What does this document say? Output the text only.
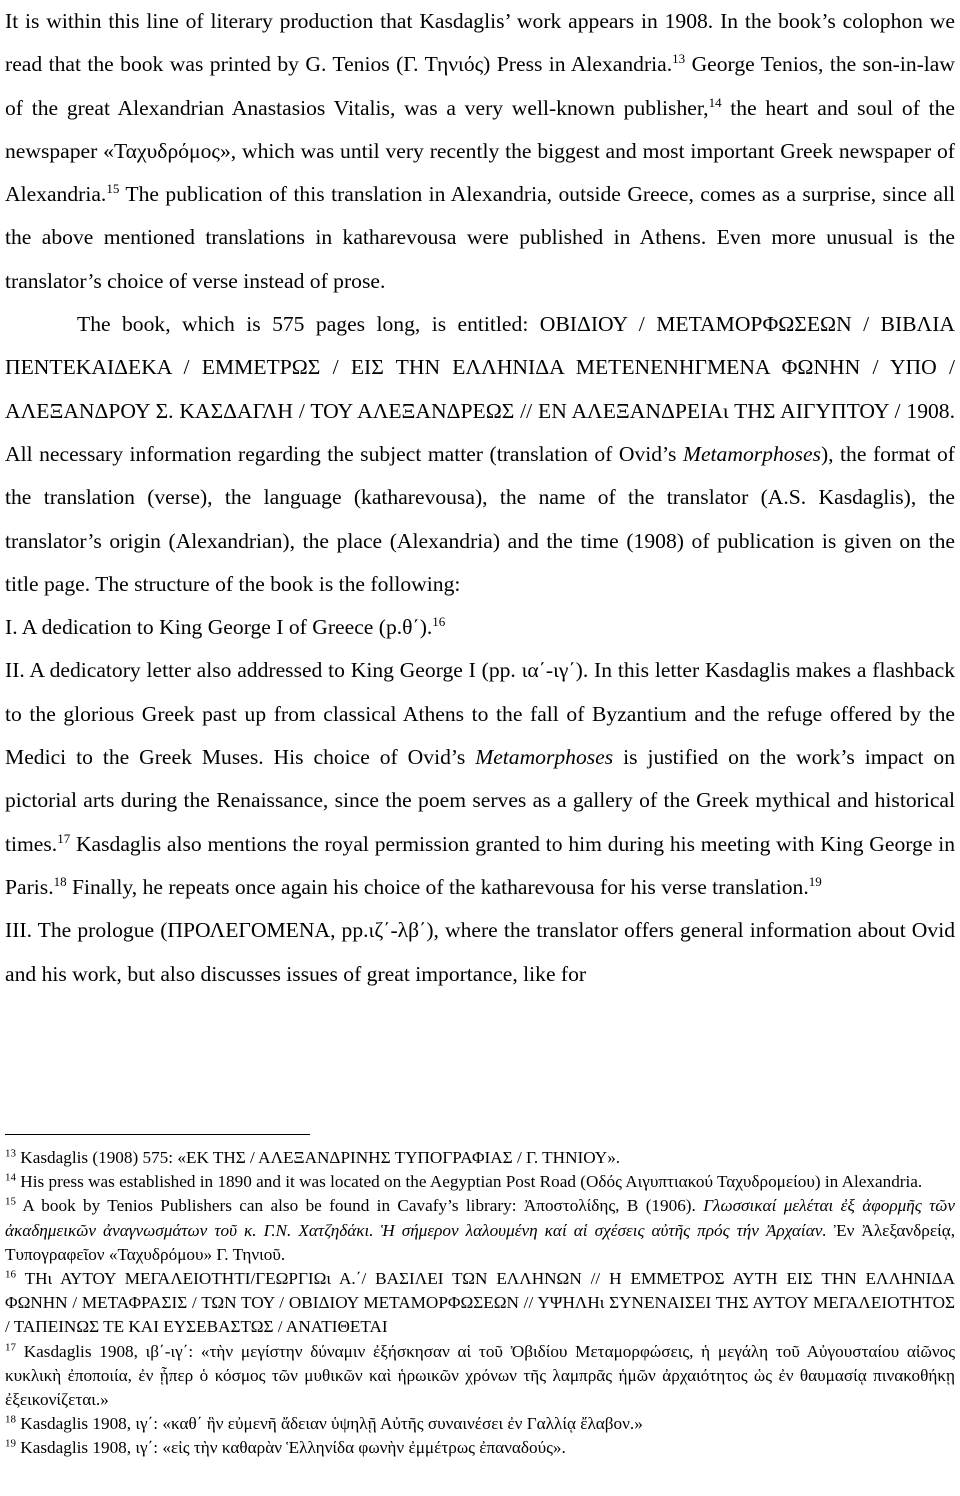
It is within this line of literary production that Kasdaglis’ work appears in 1908. In the book’s colophon we read that the book was printed by G. Tenios (Γ. Τηνιός) Press in Alexandria.$^{13}$ George Tenios, the son-in-law of the great Alexandrian Anastasios Vitalis, was a very well-known publisher,$^{14}$ the heart and soul of the newspaper «Ταχυδρόμος», which was until very recently the biggest and most important Greek newspaper of Alexandria.$^{15}$ The publication of this translation in Alexandria, outside Greece, comes as a surprise, since all the above mentioned translations in katharevousa were published in Athens. Even more unusual is the translator’s choice of verse instead of prose.

The book, which is 575 pages long, is entitled: ΟΒΙΔΙΟΥ / ΜΕΤΑΜΟΡΦΩΣΕΩΝ / ΒΙΒΛΙΑ ΠΕΝΤΕΚΑΙΔΕΚΑ / ΕΜΜΕΤΡΩΣ / ΕΙΣ ΤΗΝ ΕΛΛΗΝΙΔΑ ΜΕΤΕΝΕΝΗΓΜΕΝΑ ΦΩΝΗΝ / ΥΠΟ / ΑΛΕΞΑΝΔΡΟΥ Σ. ΚΑΣΔΑΓΛΗ / ΤΟΥ ΑΛΕΞΑΝΔΡΕΩΣ // ΕΝ ΑΛΕΞΑΝΔΡΕΙΑι ΤΗΣ ΑΙΓΥΠΤΟΥ / 1908. All necessary information regarding the subject matter (translation of Ovid’s Metamorphoses), the format of the translation (verse), the language (katharevousa), the name of the translator (A.S. Kasdaglis), the translator’s origin (Alexandrian), the place (Alexandria) and the time (1908) of publication is given on the title page. The structure of the book is the following:

I. A dedication to King George I of Greece (p.θ΄).$^{16}$

II. A dedicatory letter also addressed to King George I (pp. ια΄-ιγ΄). In this letter Kasdaglis makes a flashback to the glorious Greek past up from classical Athens to the fall of Byzantium and the refuge offered by the Medici to the Greek Muses. His choice of Ovid’s Metamorphoses is justified on the work’s impact on pictorial arts during the Renaissance, since the poem serves as a gallery of the Greek mythical and historical times.$^{17}$ Kasdaglis also mentions the royal permission granted to him during his meeting with King George in Paris.$^{18}$ Finally, he repeats once again his choice of the katharevousa for his verse translation.$^{19}$

III. The prologue (ΠΡΟΛΕΓΟΜΕΝΑ, pp.ιζ΄-λβ΄), where the translator offers general information about Ovid and his work, but also discusses issues of great importance, like for

$^{13}$ Kasdaglis (1908) 575: «ΕΚ ΤΗΣ / ΑΛΕΞΑΝΔΡΙΝΗΣ ΤΥΠΟΓΡΑΦΙΑΣ / Γ. ΤΗΝΙΟΥ».

$^{14}$ His press was established in 1890 and it was located on the Aegyptian Post Road (Οδός Αιγυπτιακού Ταχυδρομείου) in Alexandria.

$^{15}$ A book by Tenios Publishers can also be found in Cavafy’s library: Ἀποστολίδης, Β (1906). Γλωσσικαί μελέται ἐξ ἀφορμῆς τῶν ἀκαδημεικῶν ἀναγνωσμάτων τοῦ κ. Γ.Ν. Χατζηδάκι. Ἡ σήμερον λαλουμένη καί αἱ σχέσεις αὐτῆς πρός τήν Ἀρχαίαν. Ἐν Ἀλεξανδρείᾳ, Τυπογραφεῖον «Ταχυδρόμου» Γ. Τηνιοῦ.

$^{16}$ ΤΗι ΑΥΤΟΥ ΜΕΓΑΛΕΙΟΤΗΤΙ/ΓΕΩΡΓΙΩι Α.΄/ ΒΑΣΙΛΕΙ ΤΩΝ ΕΛΛΗΝΩΝ // Η ΕΜΜΕΤΡΟΣ ΑΥΤΗ ΕΙΣ ΤΗΝ ΕΛΛΗΝΙΔΑ ΦΩΝΗΝ / ΜΕΤΑΦΡΑΣΙΣ / ΤΩΝ ΤΟΥ / ΟΒΙΔΙΟΥ ΜΕΤΑΜΟΡΦΩΣΕΩΝ // ΥΨΗΛΗι ΣΥΝΕΝΑΙΣΕΙ ΤΗΣ ΑΥΤΟΥ ΜΕΓΑΛΕΙΟΤΗΤΟΣ / ΤΑΠΕΙΝΩΣ ΤΕ ΚΑΙ ΕΥΣΕΒΑΣΤΩΣ / ΑΝΑΤΙΘΕΤΑΙ

$^{17}$ Kasdaglis 1908, ιβ΄-ιγ΄: «τὴν μεγίστην δύναμιν ἐξήσκησαν αἱ τοῦ Ὀβιδίου Μεταμορφώσεις, ἡ μεγάλη τοῦ Αὐγουσταίου αἰῶνος κυκλικὴ ἐποποιία, ἐν ᾗπερ ὁ κόσμος τῶν μυθικῶν καὶ ἡρωικῶν χρόνων τῆς λαμπρᾶς ἡμῶν ἀρχαιότητος ὡς ἐν θαυμασίᾳ πινακοθήκῃ ἐξεικονίζεται.»

$^{18}$ Kasdaglis 1908, ιγ΄: «καθ΄ ἣν εὐμενῆ ἄδειαν ὑψηλῇ Αὐτῆς συναινέσει ἐν Γαλλίᾳ ἔλαβον.»

$^{19}$ Kasdaglis 1908, ιγ΄: «εἰς τὴν καθαρὰν Ἑλληνίδα φωνὴν ἐμμέτρως ἐπαναδούς».
